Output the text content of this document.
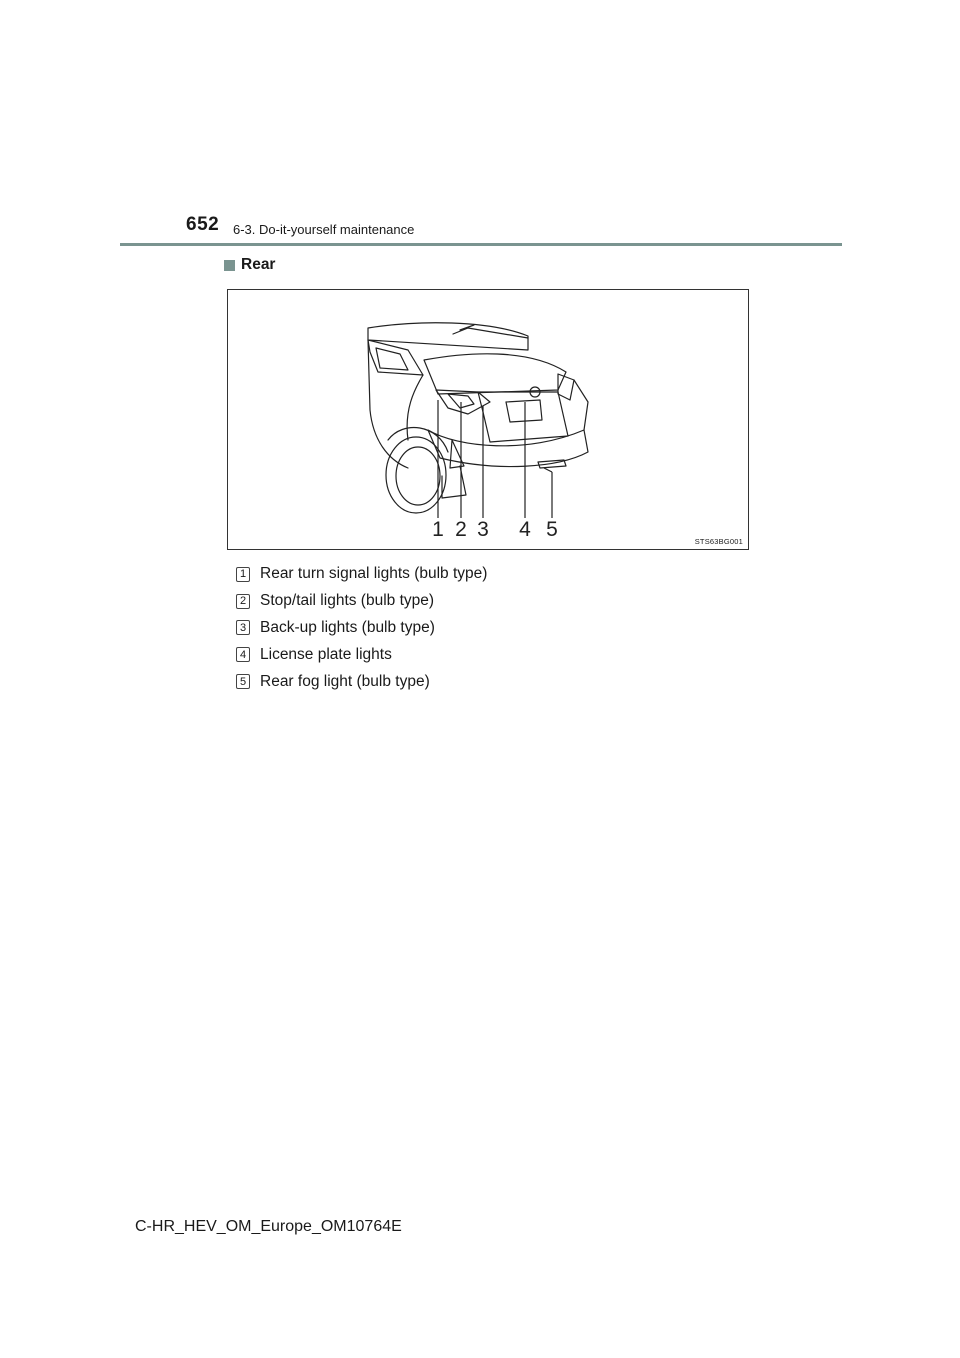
652 6-3. Do-it-yourself maintenance
Rear
1 2 3 4 5
STS63BG001
1 Rear turn signal lights (bulb type)
2 Stop/tail lights (bulb type)
3 Back-up lights (bulb type)
4 License plate lights
5 Rear fog light (bulb type)
C-HR_HEV_OM_Europe_OM10764E
